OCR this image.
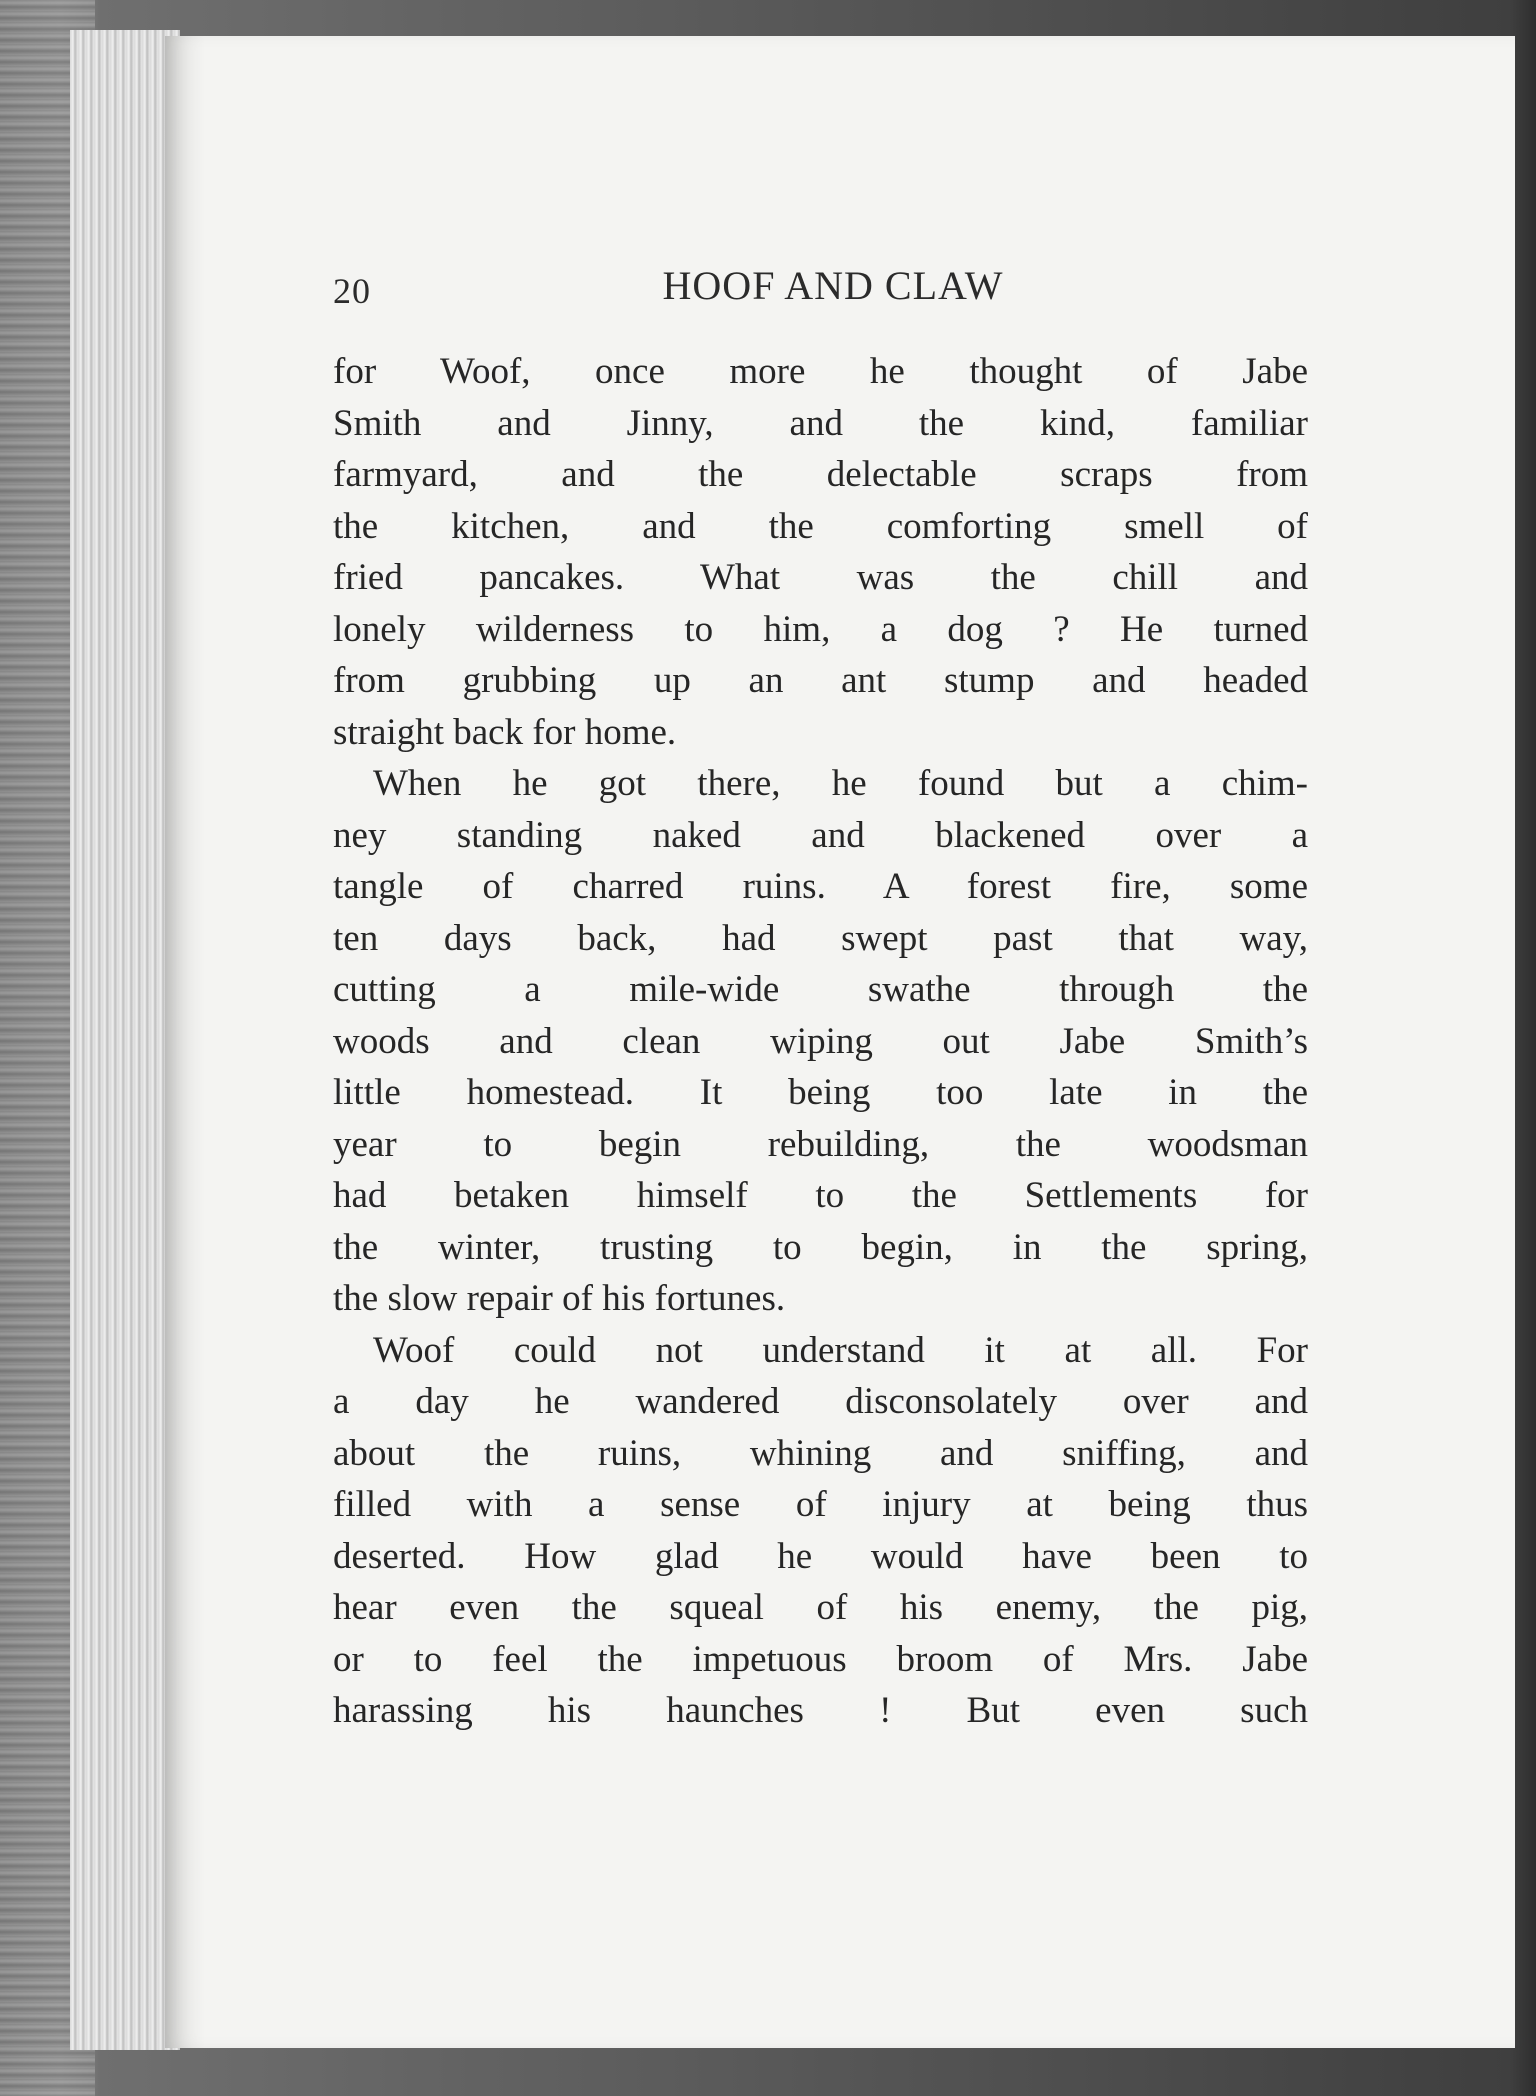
20	HOOF AND CLAW
for Woof, once more he thought of Jabe
Smith and Jinny, and the kind, familiar
farmyard, and the delectable scraps from
the kitchen, and the comforting smell of
fried pancakes. What was the chill and
lonely wilderness to him, a dog ? He turned
from grubbing up an ant stump and headed
straight back for home.
When he got there, he found but a chim-
ney standing naked and blackened over a
tangle of charred ruins. A forest fire, some
ten days back, had swept past that way,
cutting a mile-wide swathe through the
woods and clean wiping out Jabe Smith’s
little homestead. It being too late in the
year to begin rebuilding, the woodsman
had betaken himself to the Settlements for
the winter, trusting to begin, in the spring,
the slow repair of his fortunes.
Woof could not understand it at all. For
a day he wandered disconsolately over and
about the ruins, whining and sniffing, and
filled with a sense of injury at being thus
deserted. How glad he would have been to
hear even the squeal of his enemy, the pig,
or to feel the impetuous broom of Mrs. Jabe
harassing his haunches ! But even such
